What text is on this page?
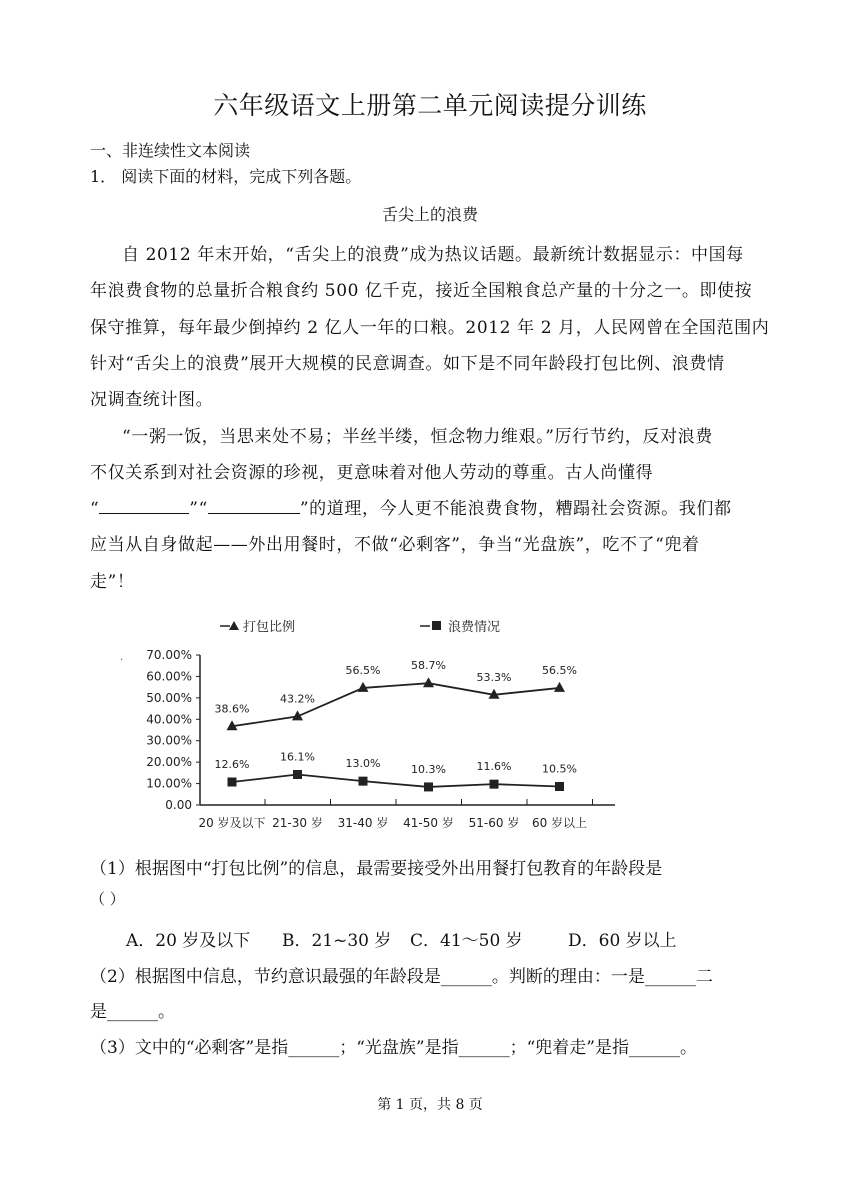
六年级语文上册第二单元阅读提分训练
一、非连续性文本阅读
1． 阅读下面的材料，完成下列各题。
舌尖上的浪费
自 2012 年末开始，“舌尖上的浪费”成为热议话题。最新统计数据显示：中国每
年浪费食物的总量折合粮食约 500 亿千克，接近全国粮食总产量的十分之一。即使按
保守推算，每年最少倒掉约 2 亿人一年的口粮。2012 年 2 月，人民网曾在全国范围内
针对“舌尖上的浪费”展开大规模的民意调查。如下是不同年龄段打包比例、浪费情
况调查统计图。
“一粥一饭，当思来处不易；半丝半缕，恒念物力维艰。”厉行节约，反对浪费
不仅关系到对社会资源的珍视，更意味着对他人劳动的尊重。古人尚懂得
“	”“	”的道理，今人更不能浪费食物，糟蹋社会资源。我们都
应当从自身做起——外出用餐时，不做“必剩客”，争当“光盘族”，吃不了“兜着
走”！
打包比例	浪费情况
·
0.00
10.00%
20.00%
30.00%
40.00%
50.00%
60.00%
70.00%
20 岁及以下 21-30 岁 31-40 岁 41-50 岁 51-60 岁 60 岁以上
38.6%
43.2%
56.5%	58.7%
53.3%
56.5%
12.6%
16.1%
13.0%	10.3%	11.6%	10.5%
（1）根据图中“打包比例”的信息，最需要接受外出用餐打包教育的年龄段是
（ ）
A．20 岁及以下 B．21~30 岁 C．41～50 岁	D．60 岁以上
（2）根据图中信息，节约意识最强的年龄段是______。判断的理由：一是______二
是______。
（3）文中的“必剩客”是指______；“光盘族”是指______；“兜着走”是指______。
第 1 页，共 8 页
